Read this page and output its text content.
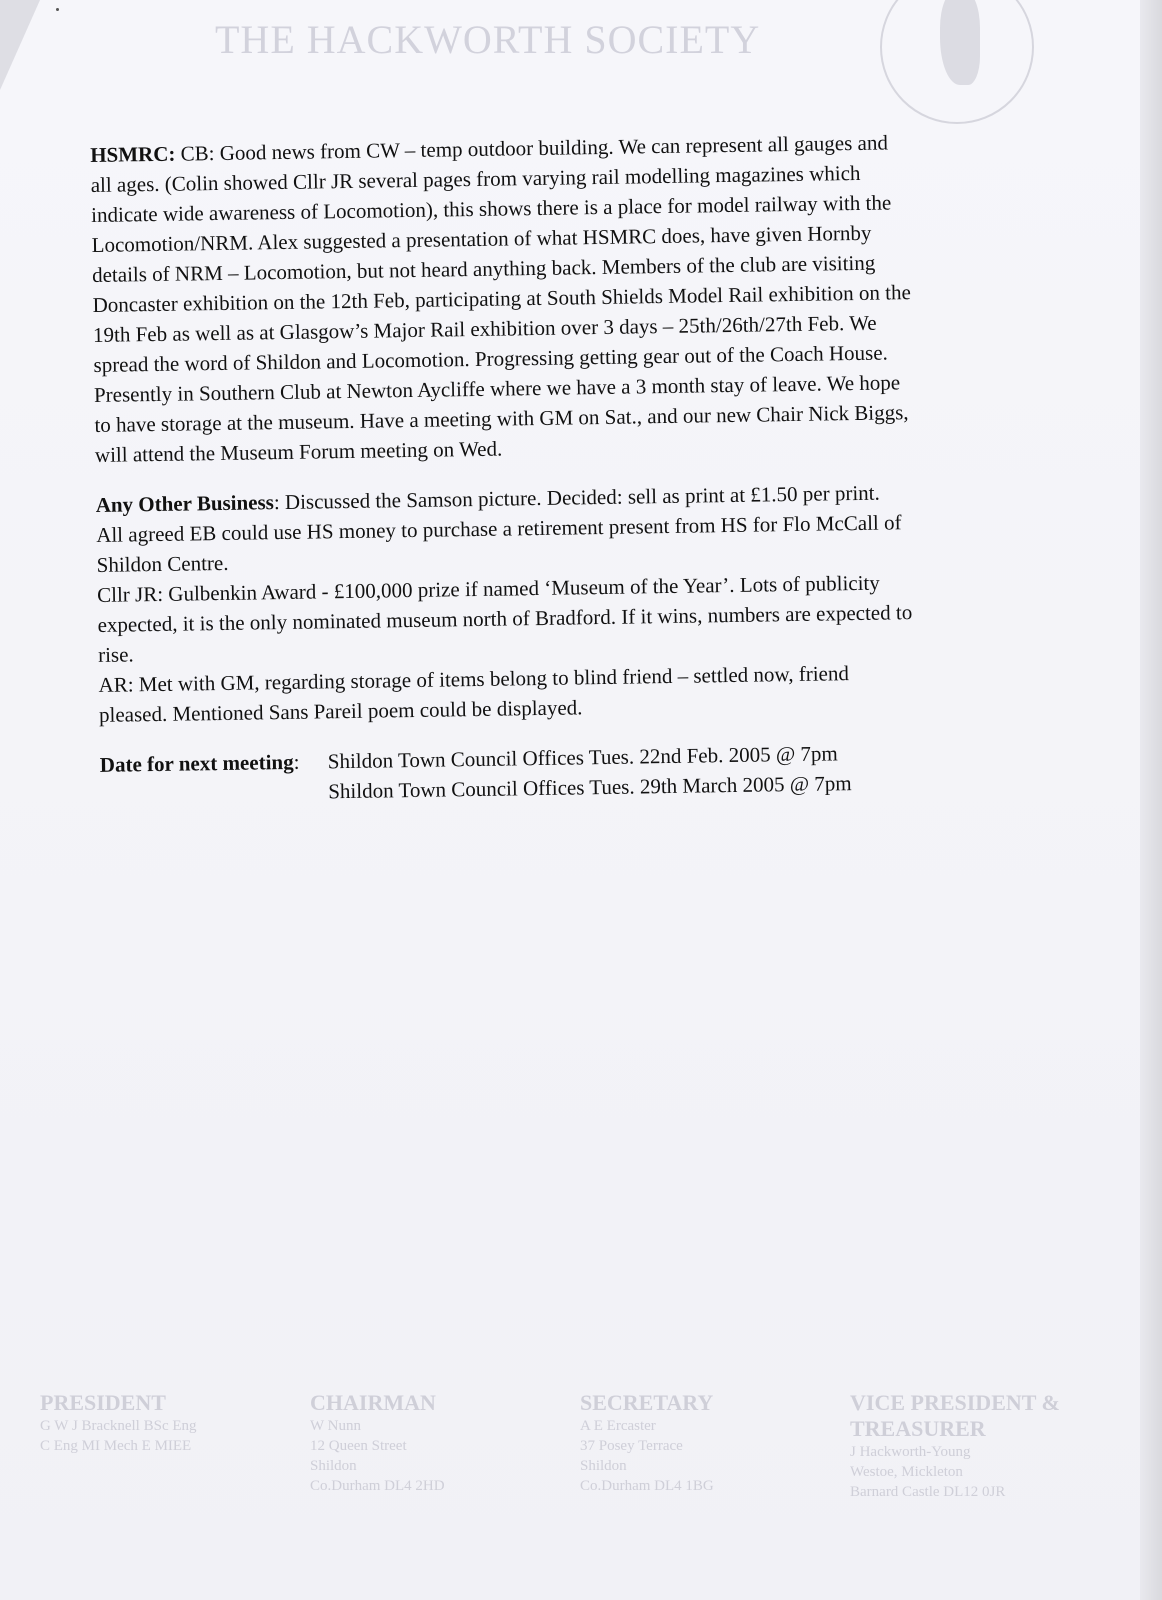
THE HACKWORTH SOCIETY
HSMRC: CB: Good news from CW – temp outdoor building. We can represent all gauges and
all ages. (Colin showed Cllr JR several pages from varying rail modelling magazines which
indicate wide awareness of Locomotion), this shows there is a place for model railway with the
Locomotion/NRM. Alex suggested a presentation of what HSMRC does, have given Hornby
details of NRM – Locomotion, but not heard anything back. Members of the club are visiting
Doncaster exhibition on the 12th Feb, participating at South Shields Model Rail exhibition on the
19th Feb as well as at Glasgow’s Major Rail exhibition over 3 days – 25th/26th/27th Feb. We
spread the word of Shildon and Locomotion. Progressing getting gear out of the Coach House.
Presently in Southern Club at Newton Aycliffe where we have a 3 month stay of leave. We hope
to have storage at the museum. Have a meeting with GM on Sat., and our new Chair Nick Biggs,
will attend the Museum Forum meeting on Wed.
Any Other Business: Discussed the Samson picture. Decided: sell as print at £1.50 per print.
All agreed EB could use HS money to purchase a retirement present from HS for Flo McCall of
Shildon Centre.
Cllr JR: Gulbenkin Award - £100,000 prize if named ‘Museum of the Year’. Lots of publicity
expected, it is the only nominated museum north of Bradford. If it wins, numbers are expected to
rise.
AR: Met with GM, regarding storage of items belong to blind friend – settled now, friend
pleased. Mentioned Sans Pareil poem could be displayed.
Date for next meeting:	Shildon Town Council Offices Tues. 22nd Feb. 2005 @ 7pm
Shildon Town Council Offices Tues. 29th March 2005 @ 7pm
PRESIDENT
G W J Bracknell BSc Eng
C Eng MI Mech E MIEE
CHAIRMAN
W Nunn
12 Queen Street
Shildon
Co.Durham DL4 2HD
SECRETARY
A E Ercaster
37 Posey Terrace
Shildon
Co.Durham DL4 1BG
VICE PRESIDENT & TREASURER
J Hackworth-Young
Westoe, Mickleton
Barnard Castle DL12 0JR
